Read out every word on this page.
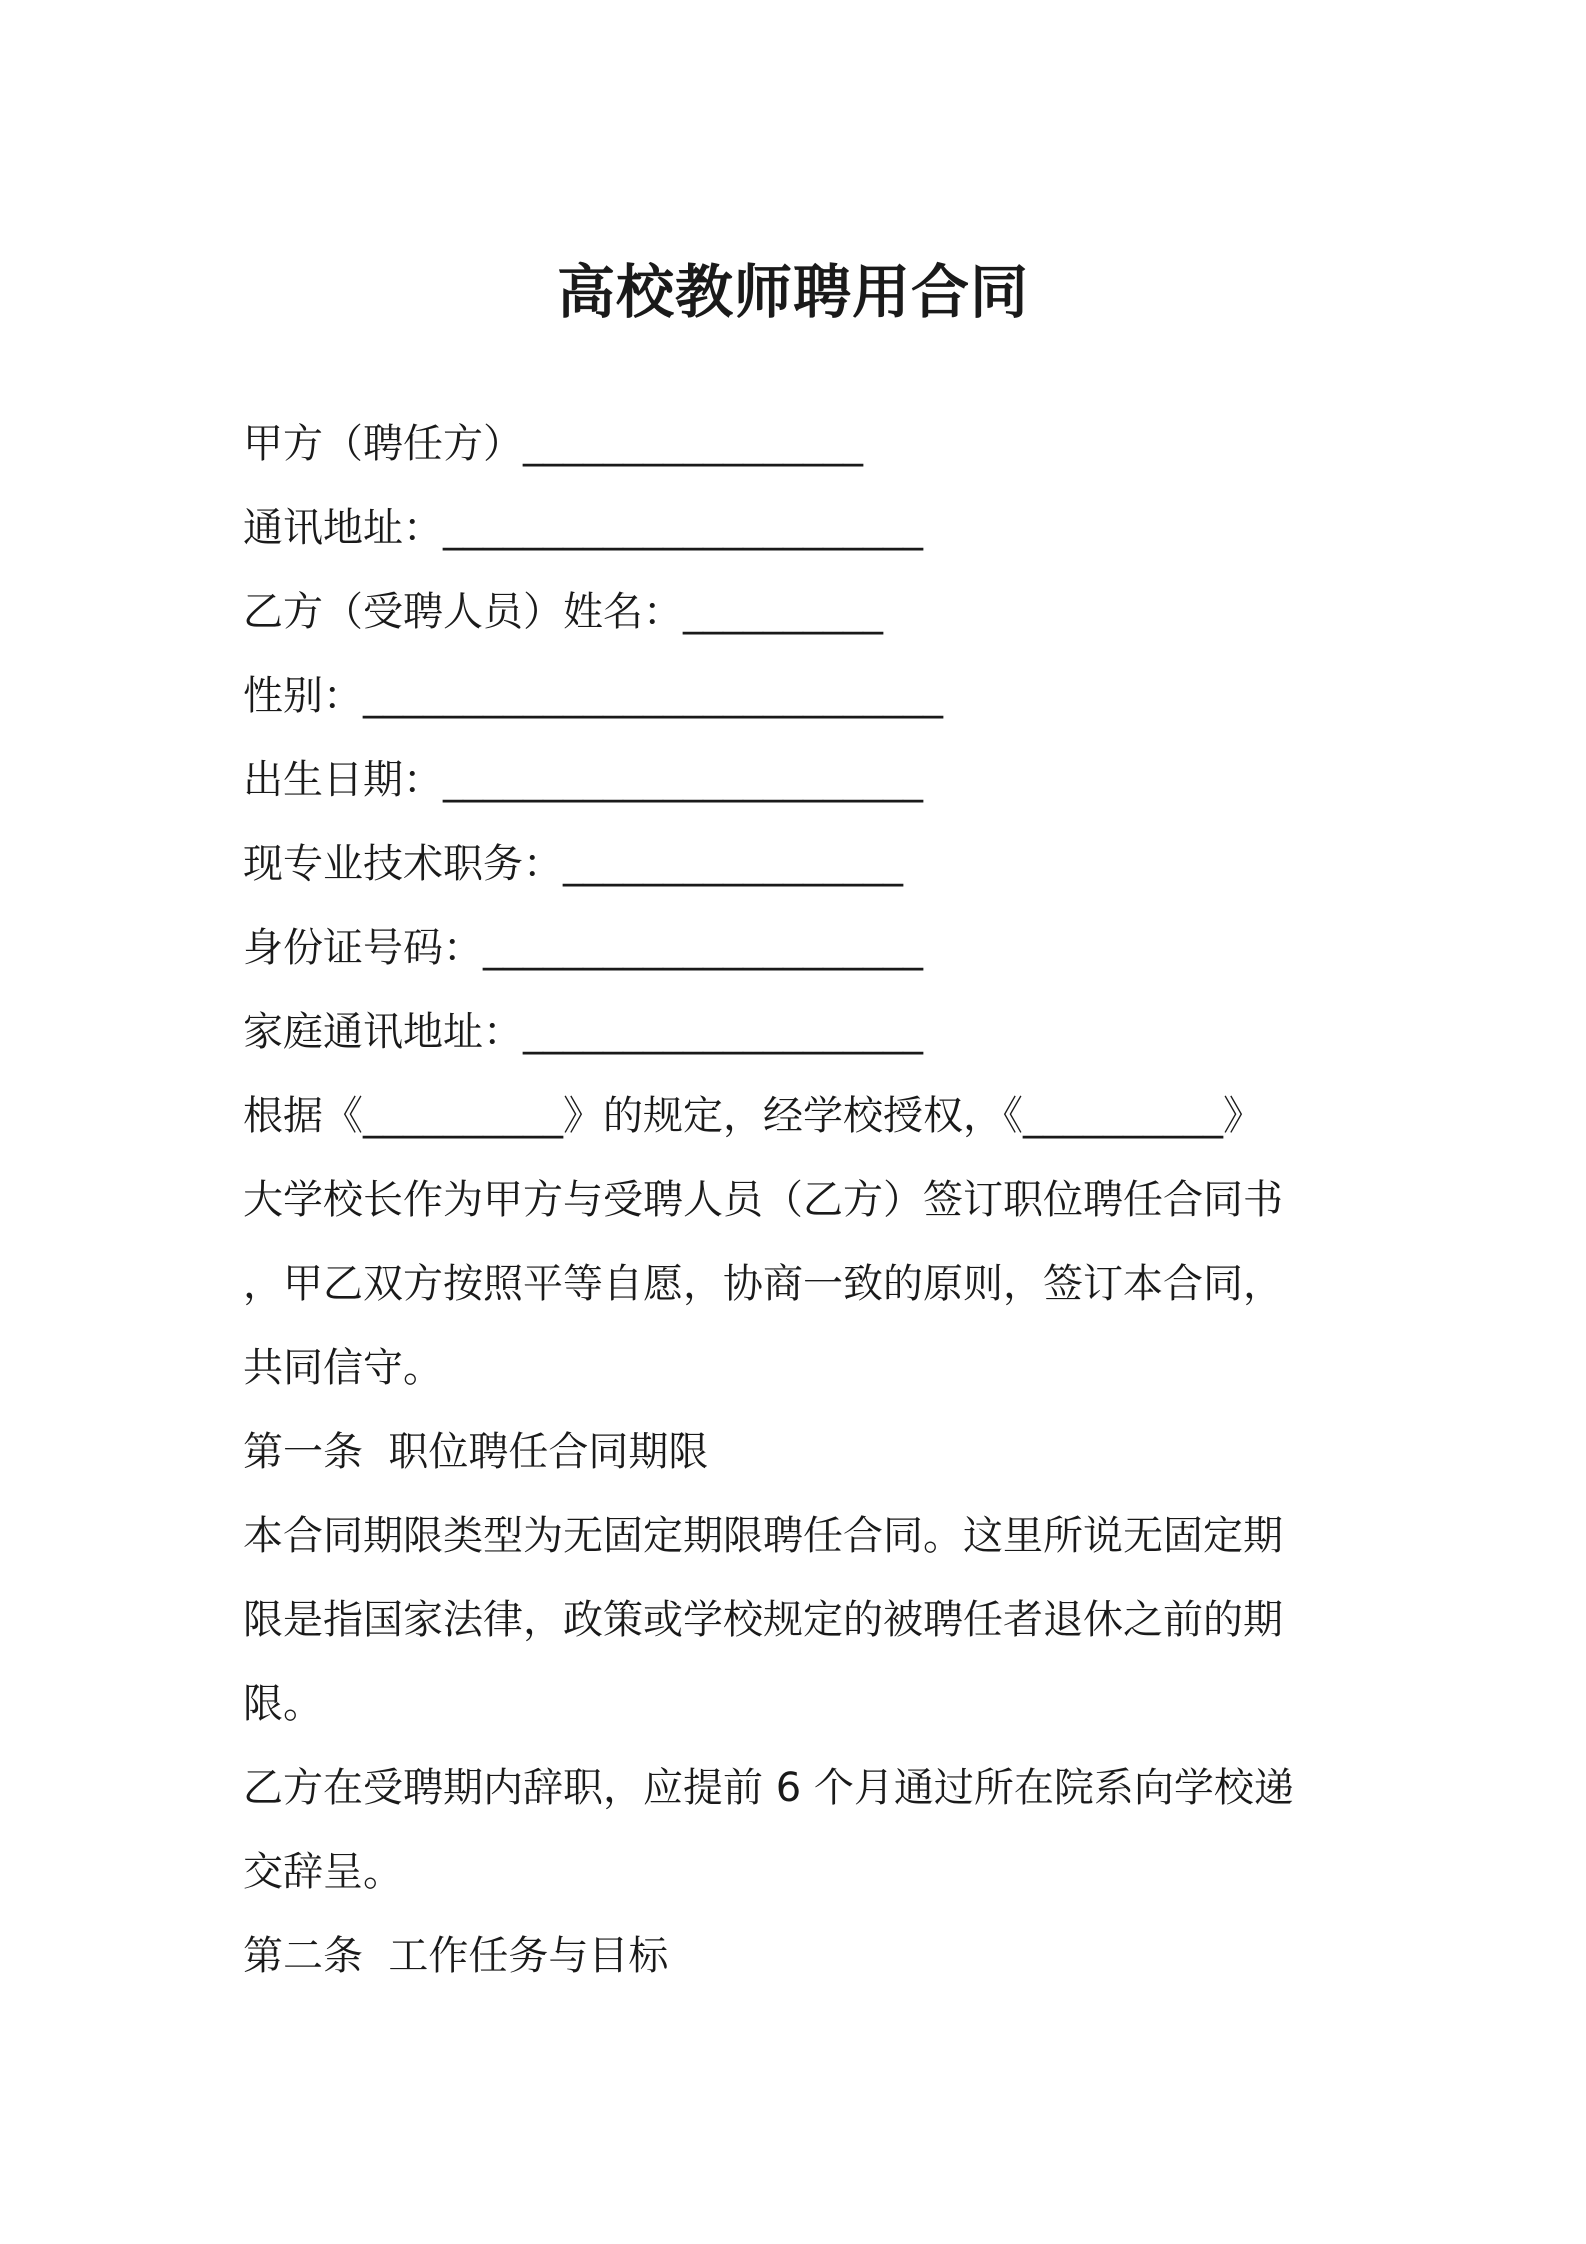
高校教师聘用合同
甲方（聘任方）_________________
通讯地址：________________________
乙方（受聘人员）姓名：__________
性别：_____________________________
出生日期：________________________
现专业技术职务：_________________
身份证号码：______________________
家庭通讯地址：____________________
根据《__________》的规定，经学校授权，《__________》
大学校长作为甲方与受聘人员（乙方）签订职位聘任合同书
，甲乙双方按照平等自愿，协商一致的原则，签订本合同，
共同信守。
第一条  职位聘任合同期限
本合同期限类型为无固定期限聘任合同。这里所说无固定期
限是指国家法律，政策或学校规定的被聘任者退休之前的期
限。
乙方在受聘期内辞职，应提前 6 个月通过所在院系向学校递
交辞呈。
第二条  工作任务与目标
